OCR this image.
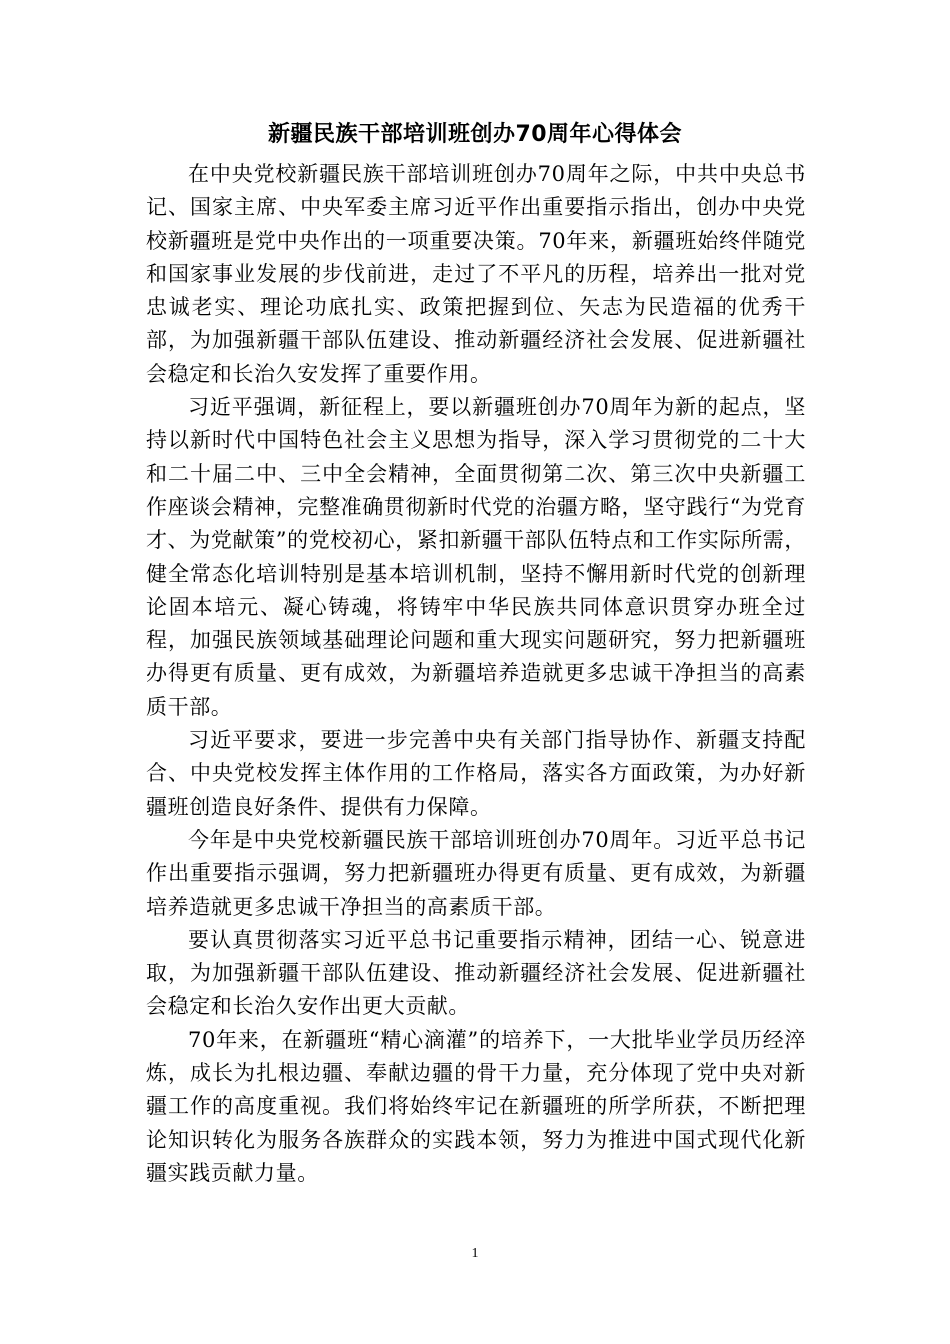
新疆民族干部培训班创办70周年心得体会

在中央党校新疆民族干部培训班创办70周年之际，中共中央总书记、国家主席、中央军委主席习近平作出重要指示指出，创办中央党校新疆班是党中央作出的一项重要决策。70年来，新疆班始终伴随党和国家事业发展的步伐前进，走过了不平凡的历程，培养出一批对党忠诚老实、理论功底扎实、政策把握到位、矢志为民造福的优秀干部，为加强新疆干部队伍建设、推动新疆经济社会发展、促进新疆社会稳定和长治久安发挥了重要作用。

习近平强调，新征程上，要以新疆班创办70周年为新的起点，坚持以新时代中国特色社会主义思想为指导，深入学习贯彻党的二十大和二十届二中、三中全会精神，全面贯彻第二次、第三次中央新疆工作座谈会精神，完整准确贯彻新时代党的治疆方略，坚守践行“为党育才、为党献策”的党校初心，紧扣新疆干部队伍特点和工作实际所需，健全常态化培训特别是基本培训机制，坚持不懈用新时代党的创新理论固本培元、凝心铸魂，将铸牢中华民族共同体意识贯穿办班全过程，加强民族领域基础理论问题和重大现实问题研究，努力把新疆班办得更有质量、更有成效，为新疆培养造就更多忠诚干净担当的高素质干部。

习近平要求，要进一步完善中央有关部门指导协作、新疆支持配合、中央党校发挥主体作用的工作格局，落实各方面政策，为办好新疆班创造良好条件、提供有力保障。

今年是中央党校新疆民族干部培训班创办70周年。习近平总书记作出重要指示强调，努力把新疆班办得更有质量、更有成效，为新疆培养造就更多忠诚干净担当的高素质干部。

要认真贯彻落实习近平总书记重要指示精神，团结一心、锐意进取，为加强新疆干部队伍建设、推动新疆经济社会发展、促进新疆社会稳定和长治久安作出更大贡献。

70年来，在新疆班“精心滴灌”的培养下，一大批毕业学员历经淬炼，成长为扎根边疆、奉献边疆的骨干力量，充分体现了党中央对新疆工作的高度重视。我们将始终牢记在新疆班的所学所获，不断把理论知识转化为服务各族群众的实践本领，努力为推进中国式现代化新疆实践贡献力量。

1
